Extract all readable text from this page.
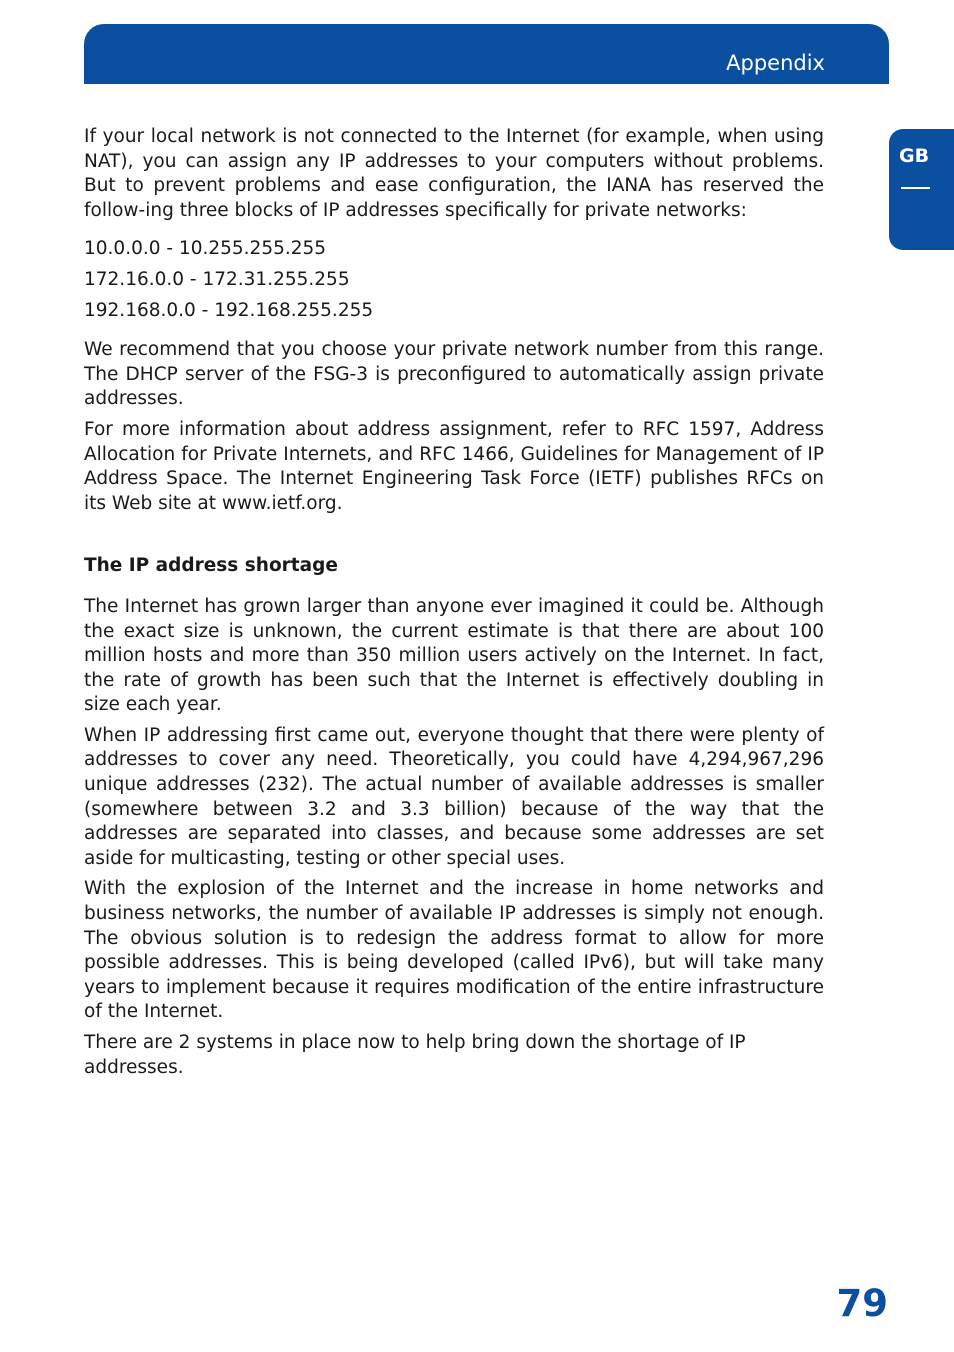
Appendix
GB

If your local network is not connected to the Internet (for example, when using NAT), you can assign any IP addresses to your computers without problems. But to prevent problems and ease configuration, the IANA has reserved the follow-ing three blocks of IP addresses specifically for private networks:

10.0.0.0 - 10.255.255.255
172.16.0.0 - 172.31.255.255
192.168.0.0 - 192.168.255.255

We recommend that you choose your private network number from this range. The DHCP server of the FSG-3 is preconfigured to automatically assign private addresses.

For more information about address assignment, refer to RFC 1597, Address Allocation for Private Internets, and RFC 1466, Guidelines for Management of IP Address Space. The Internet Engineering Task Force (IETF) publishes RFCs on its Web site at www.ietf.org.

The IP address shortage

The Internet has grown larger than anyone ever imagined it could be. Although the exact size is unknown, the current estimate is that there are about 100 million hosts and more than 350 million users actively on the Internet. In fact, the rate of growth has been such that the Internet is effectively doubling in size each year.

When IP addressing first came out, everyone thought that there were plenty of addresses to cover any need. Theoretically, you could have 4,294,967,296 unique addresses (232). The actual number of available addresses is smaller (somewhere between 3.2 and 3.3 billion) because of the way that the addresses are separated into classes, and because some addresses are set aside for multicasting, testing or other special uses.

With the explosion of the Internet and the increase in home networks and business networks, the number of available IP addresses is simply not enough. The obvious solution is to redesign the address format to allow for more possible addresses. This is being developed (called IPv6), but will take many years to implement because it requires modification of the entire infrastructure of the Internet.

There are 2 systems in place now to help bring down the shortage of IP addresses.

79
